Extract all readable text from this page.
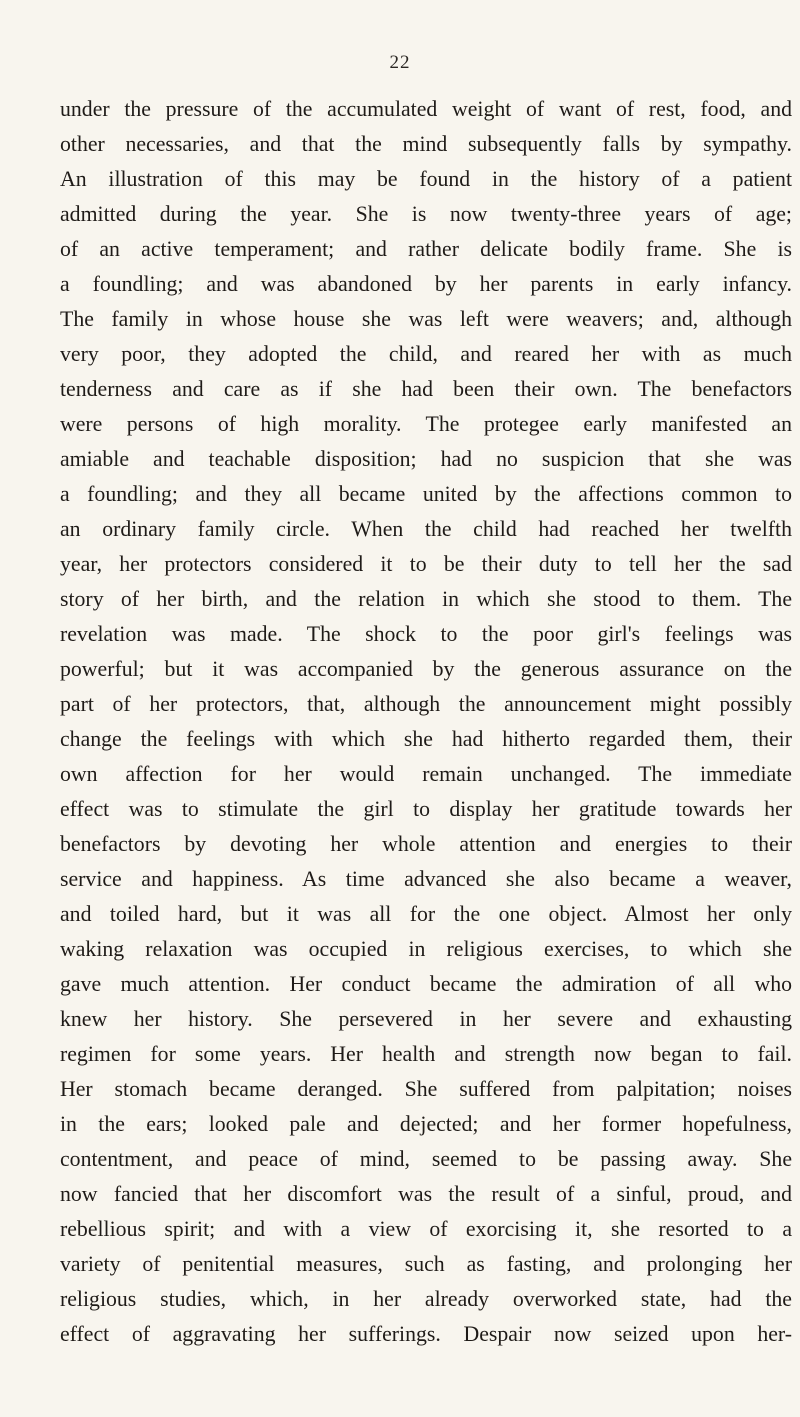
22
under the pressure of the accumulated weight of want of rest, food, and
other necessaries, and that the mind subsequently falls by sympathy.
An illustration of this may be found in the history of a patient
admitted during the year. She is now twenty-three years of age;
of an active temperament; and rather delicate bodily frame. She is
a foundling; and was abandoned by her parents in early infancy.
The family in whose house she was left were weavers; and, although
very poor, they adopted the child, and reared her with as much
tenderness and care as if she had been their own. The benefactors
were persons of high morality. The protegee early manifested an
amiable and teachable disposition; had no suspicion that she was
a foundling; and they all became united by the affections common to
an ordinary family circle. When the child had reached her twelfth
year, her protectors considered it to be their duty to tell her the sad
story of her birth, and the relation in which she stood to them. The
revelation was made. The shock to the poor girl's feelings was
powerful; but it was accompanied by the generous assurance on the
part of her protectors, that, although the announcement might possibly
change the feelings with which she had hitherto regarded them, their
own affection for her would remain unchanged. The immediate
effect was to stimulate the girl to display her gratitude towards her
benefactors by devoting her whole attention and energies to their
service and happiness. As time advanced she also became a weaver,
and toiled hard, but it was all for the one object. Almost her only
waking relaxation was occupied in religious exercises, to which she
gave much attention. Her conduct became the admiration of all who
knew her history. She persevered in her severe and exhausting
regimen for some years. Her health and strength now began to fail.
Her stomach became deranged. She suffered from palpitation; noises
in the ears; looked pale and dejected; and her former hopefulness,
contentment, and peace of mind, seemed to be passing away. She
now fancied that her discomfort was the result of a sinful, proud, and
rebellious spirit; and with a view of exorcising it, she resorted to a
variety of penitential measures, such as fasting, and prolonging her
religious studies, which, in her already overworked state, had the
effect of aggravating her sufferings. Despair now seized upon her-
